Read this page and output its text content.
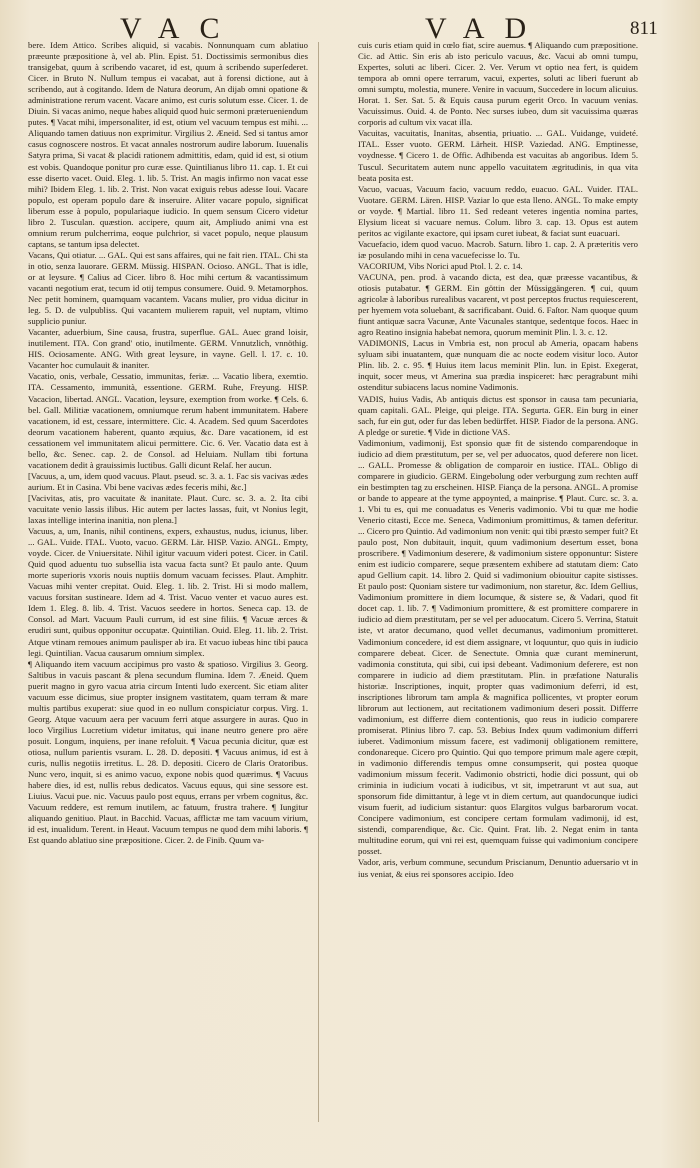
VAC	VAD	811

bere. Idem Attico. Scribes aliquid, si vacabis. Nonnunquam cum ablatiuo præeunte præpositione à, vel ab. Plin. Epist. 51. Doctissimis sermonibus dies transigebat, quum à scribendo vacaret, id est, quum à scribendo superſederet. Cicer. in Bruto N. Nullum tempus ei vacabat, aut à forensi dictione, aut à scribendo, aut à cogitando. Idem de Natura deorum, An dijab omni opatione & administratione rerum vacent. Vacare animo, est curis solutum esse. Cicer. 1. de Diuin. Si vacas animo, neque habes aliquid quod huic sermoni præterueniendum putes. ¶ Vacat mihi, impersonaliter, id est, otium vel vacuum tempus est mihi. ... Aliquando tamen datiuus non exprimitur. Virgilius 2. Æneid. Sed si tantus amor casus cognoscere nostros. Et vacat annales nostrorum audire laborum. Iuuenalis Satyra prima, Si vacat & placidi rationem admittitis, edam, quid id est, si otium est vobis. Quandoque ponitur pro curæ esse. Quintilianus libro 11. cap. 1. Et cui esse diserto vacet. Ouid. Eleg. 1. lib. 5. Trist. An magis infirmo non vacat esse mihi? Ibidem Eleg. 1. lib. 2. Trist. Non vacat exiguis rebus adesse Ioui. Vacare populo, est operam populo dare & inseruire. Aliter vacare populo, significat liberum esse à populo, populariaque iudicio. In quem sensum Cicero videtur libro 2. Tusculan. quæstion. accipere, quum ait, Ampliudo animi vna est omnium rerum pulcherrima, eoque pulchrior, si vacet populo, neque plausum captans, se tantum ipsa delectet.

Vacans, Qui otiatur. ... GAL. Qui est sans affaires, qui ne fait rien. ITAL. Chi sta in otio, senza lauorare. GERM. Müssig. HISPAN. Ocioso. ANGL. That is idle, or at leysure. ¶ Calius ad Cicer. libro 8. Hoc mihi certum & vacantissimum vacanti negotium erat, tecum id otij tempus consumere. Ouid. 9. Metamorphos. Nec petit hominem, quamquam vacantem. Vacans mulier, pro vidua dicitur in leg. 5. D. de vulpubliss. Qui vacantem mulierem rapuit, vel nuptam, vltimo supplicio puniur.

Vacanter, aduerbium, Sine causa, frustra, superflue. GAL. Auec grand loisir, inutilement. ITA. Con grand' otio, inutilmente. GERM. Vnnutzlich, vnnöthig. HIS. Ociosamente. ANG. With great leysure, in vayne. Gell. l. 17. c. 10. Vacanter hoc cumulauit & inaniter.

Vacatio, onis, verbale, Cessatio, immunitas, feriæ. ... Vacatio libera, exemtio. ITA. Cessamento, immunità, essentione. GERM. Ruhe, Freyung. HISP. Vacacion, libertad. ANGL. Vacation, leysure, exemption from worke. ¶ Cels. 6. bel. Gall. Militiæ vacationem, omniumque rerum habent immunitatem. Habere vacationem, id est, cessare, intermittere. Cic. 4. Academ. Sed quum Sacerdotes deorum vacationem haberent, quanto æquius, &c. Dare vacationem, id est cessationem vel immunitatem alicui permittere. Cic. 6. Ver. Vacatio data est à bello, &c. Senec. cap. 2. de Consol. ad Heluiam. Nullam tibi fortuna vacationem dedit à grauissimis luctibus. Galli dicunt Relaſ. her aucun.

[Vacuus, a, um, idem quod vacuus. Plaut. pseud. sc. 3. a. 1. Fac sis vacivas ædes aurium. Et in Casina. Vbi bene vacivas ædes feceris mihi, &c.]

[Vacivitas, atis, pro vacuitate & inanitate. Plaut. Curc. sc. 3. a. 2. Ita cibi vacuitate venio lassis ilibus. Hic autem per lactes lassas, fuit, vt Nonius legit, laxas intellige interina inanitia, non plena.]

Vacuus, a, um, Inanis, nihil continens, expers, exhaustus, nudus, iciunus, liber. ... GAL. Vuide. ITAL. Vuoto, vacuo. GERM. Lär. HISP. Vazio. ANGL. Empty, voyde. Cicer. de Vniuersitate. Nihil igitur vacuum videri potest. Cicer. in Catil. Quid quod aduentu tuo subsellia ista vacua facta sunt? Et paulo ante. Quum morte superioris vxoris nouis nuptiis domum vacuam fecisses. Plaut. Amphitr. Vacuas mihi venter crepitat. Ouid. Eleg. 1. lib. 2. Trist. Hi si modo mallem, vacuus forsitan sustineare. Idem ad 4. Trist. Vacuo venter et vacuo aures est. Idem 1. Eleg. 8. lib. 4. Trist. Vacuos seedere in hortos. Seneca cap. 13. de Consol. ad Mart. Vacuum Pauli currum, id est sine filiis. ¶ Vacuæ ærces & erudiri sunt, quibus opponitur occupatæ. Quintilian. Ouid. Eleg. 11. lib. 2. Trist. Atque vtinam remoues animum paulisper ab ira. Et vacuo iubeas hinc tibi pauca legi. Quintilian. Vacua causarum omnium simplex.

¶ Aliquando item vacuum accipimus pro vasto & spatioso. Virgilius 3. Georg. Saltibus in vacuis pascant & plena secundum flumina. Idem 7. Æneid. Quem puerit magno in gyro vacua atria circum Intenti ludo exercent. Sic etiam aliter vacuum esse dicimus, siue propter insignem vastitatem, quam terram & mare multis partibus exuperat: siue quod in eo nullum conspiciatur corpus. Virg. 1. Georg. Atque vacuum aera per vacuum ferri atque assurgere in auras. Quo in loco Virgilius Lucretium videtur imitatus, qui inane neutro genere pro aëre posuit. Longum, inquiens, per inane refoluit. ¶ Vacua pecunia dicitur, quæ est otiosa, nullum parientis vsuram. L. 28. D. depositi. ¶ Vacuus animus, id est à curis, nullis negotiis irretitus. L. 28. D. depositi. Cicero de Claris Oratoribus. Nunc vero, inquit, si es animo vacuo, expone nobis quod quærimus. ¶ Vacuus habere dies, id est, nullis rebus dedicatos. Vacuus equus, qui sine sessore est. Liuius. Vacui pue. nic. Vacuus paulo post equus, errans per vrbem cognitus, &c. Vacuum reddere, est remum inutilem, ac fatuum, frustra trahere. ¶ Iungitur aliquando genitiuo. Plaut. in Bacchid. Vacuas, afflictæ me tam vacuum virium, id est, inualidum. Terent. in Heaut. Vacuum tempus ne quod dem mihi laboris. ¶ Est quando ablatiuo sine præpositione. Cicer. 2. de Finib. Quum va-

cuis curis etiam quid in cœlo fiat, scire auemus. ¶ Aliquando cum præpositione. Cic. ad Attic. Sin eris ab isto periculo vacuus, &c. Vacui ab omni tumpu, Expertes, soluti ac liberi. Cicer. 2. Ver. Verum vt optio nea fert, is quidem tempora ab omni opere terrarum, vacui, expertes, soluti ac liberi fuerunt ab omni sumptu, molestia, munere. Venire in vacuum, Succedere in locum alicuius. Horat. 1. Ser. Sat. 5. & Equis causa purum egerit Orco. In vacuum venias. Vacuissimus. Ouid. 4. de Ponto. Nec surses iubeo, dum sit vacuissima quæras corporis ad cultum vix vacat illa.

Vacuitas, vacuitatis, Inanitas, absentia, priuatio. ... GAL. Vuidange, vuideté. ITAL. Esser vuoto. GERM. Lärheit. HISP. Vaziedad. ANG. Emptinesse, voydnesse. ¶ Cicero 1. de Offic. Adhibenda est vacuitas ab angoribus. Idem 5. Tuscul. Securitatem autem nunc appello vacuitatem ægritudinis, in qua vita beata posita est.

Vacuo, vacuas, Vacuum facio, vacuum reddo, euacuo. GAL. Vuider. ITAL. Vuotare. GERM. Lären. HISP. Vaziar lo que esta lleno. ANGL. To make empty or voyde. ¶ Martial. libro 11. Sed redeant veteres ingentia nomina partes, Elysium liceat si vacuare nemus. Colum. libro 3. cap. 13. Opus est autem peritos ac vigilante exactore, qui ipsam curet iubeat, & faciat sunt euacuari.

Vacuefacio, idem quod vacuo. Macrob. Saturn. libro 1. cap. 2. A præteritis vero iæ posulando mihi in cena vacuefecisse lo. Tu.

VACORIUM, Vibs Norici apud Ptol. l. 2. c. 14.

VACUNA, pen. prod. à vacando dicta, est dea, quæ præesse vacantibus, & otiosis putabatur. ¶ GERM. Ein göttin der Müssiggängeren. ¶ cui, quum agricolæ à laboribus rurealibus vacarent, vt post perceptos fructus requiescerent, per hyemem vota soluebant, & sacrificabant. Ouid. 6. Faſtor. Nam quoque quum fiunt antiquæ sacra Vacunæ, Ante Vacunales stantque, sedentque focos. Haec in agro Reatino insignia habebat nemora, quorum meminit Plin. l. 3. c. 12.

VADIMONIS, Lacus in Vmbria est, non procul ab Ameria, opacam habens syluam sibi inuatantem, quæ nunquam die ac nocte eodem visitur loco. Autor Plin. lib. 2. c. 95. ¶ Huius item lacus meminit Plin. lun. in Epist. Exegerat, inquit, socer meus, vt Amerina sua prædia inspiceret: hæc peragrabunt mihi ostenditur subiacens lacus nomine Vadimonis.

VADIS, huius Vadis, Ab antiquis dictus est sponsor in causa tam pecuniaria, quam capitali. GAL. Pleige, qui pleige. ITA. Segurta. GER. Ein burg in einer sach, fur ein gut, oder fur das leben bedürffet. HISP. Fiador de la persona. ANG. A pledge or suretie. ¶ Vide in dictione VAS.

Vadimonium, vadimonij, Est sponsio quæ fit de sistendo comparendoque in iudicio ad diem præstitutum, per se, vel per aduocatos, quod deferere non licet. ... GALL. Promesse & obligation de comparoir en iustice. ITAL. Obligo di comparere in giudicio. GERM. Eingebolung oder verburgung zum rechten auff ein bestimpten tag zu erscheinen. HISP. Fiança de la persona. ANGL. A promise or bande to appeare at the tyme appoynted, a mainprise. ¶ Plaut. Curc. sc. 3. a. 1. Vbi tu es, qui me conuadatus es Veneris vadimonio. Vbi tu quæ me hodie Venerio citasti, Ecce me. Seneca, Vadimonium promittimus, & tamen deferitur. ... Cicero pro Quintio. Ad vadimonium non venit: qui tibi præsto semper fuit? Et paulo post, Non dubitauit, inquit, quum vadimonium desertum esset, bona proscribere. ¶ Vadimonium deserere, & vadimonium sistere opponuntur: Sistere enim est iudicio comparere, seque præsentem exhibere ad statutam diem: Cato apud Gellium capit. 14. libro 2. Quid si vadimonium obiouitur capite sistisses. Et paulo post: Quoniam sistere tur vadimonium, non staretur, &c. Idem Gellius, Vadimonium promittere in diem locumque, & sistere se, & Vadari, quod fit docet cap. 1. lib. 7. ¶ Vadimonium promittere, & est promittere comparere in iudicio ad diem præstitutam, per se vel per aduocatum. Cicero 5. Verrina, Statuit iste, vt arator decumano, quod vellet decumanus, vadimonium promitteret. Vadimonium concedere, id est diem assignare, vt loquuntur, quo quis in iudicio comparere debeat. Cicer. de Senectute. Omnia quæ curant meminerunt, vadimonia constituta, qui sibi, cui ipsi debeant. Vadimonium deferere, est non comparere in iudicio ad diem præstitutam. Plin. in præfatione Naturalis historiæ. Inscriptiones, inquit, propter quas vadimonium deferri, id est, inscriptiones librorum tam ampla & magnifica pollicentes, vt propter eorum librorum aut lectionem, aut recitationem vadimonium deseri possit. Differre vadimonium, est differre diem contentionis, quo reus in iudicio comparere promiserat. Plinius libro 7. cap. 53. Bebius Index quum vadimonium differri iuberet. Vadimonium missum facere, est vadimonij obligationem remittere, condonareque. Cicero pro Quintio. Qui quo tempore primum male agere cœpit, in vadimonio differendis tempus omne consumpserit, qui postea quoque vadimonium missum fecerit. Vadimonio obstricti, hodie dici possunt, qui ob criminia in iudicium vocati à iudicibus, vt sit, impetrarunt vt aut sua, aut sponsorum fide dimittantur, à lege vt in diem certum, aut quandocunque iudici visum fuerit, ad iudicium sistantur: quos Elargitos vulgus barbarorum vocat. Concipere vadimonium, est concipere certam formulam vadimonij, id est, sistendi, comparendique, &c. Cic. Quint. Frat. lib. 2. Negat enim in tanta multitudine eorum, qui vni rei est, quemquam fuisse qui vadimonium concipere posset.

Vador, aris, verbum commune, secundum Priscianum, Denuntio aduersario vt in ius veniat, & eius rei sponsores accipio. Ideo
